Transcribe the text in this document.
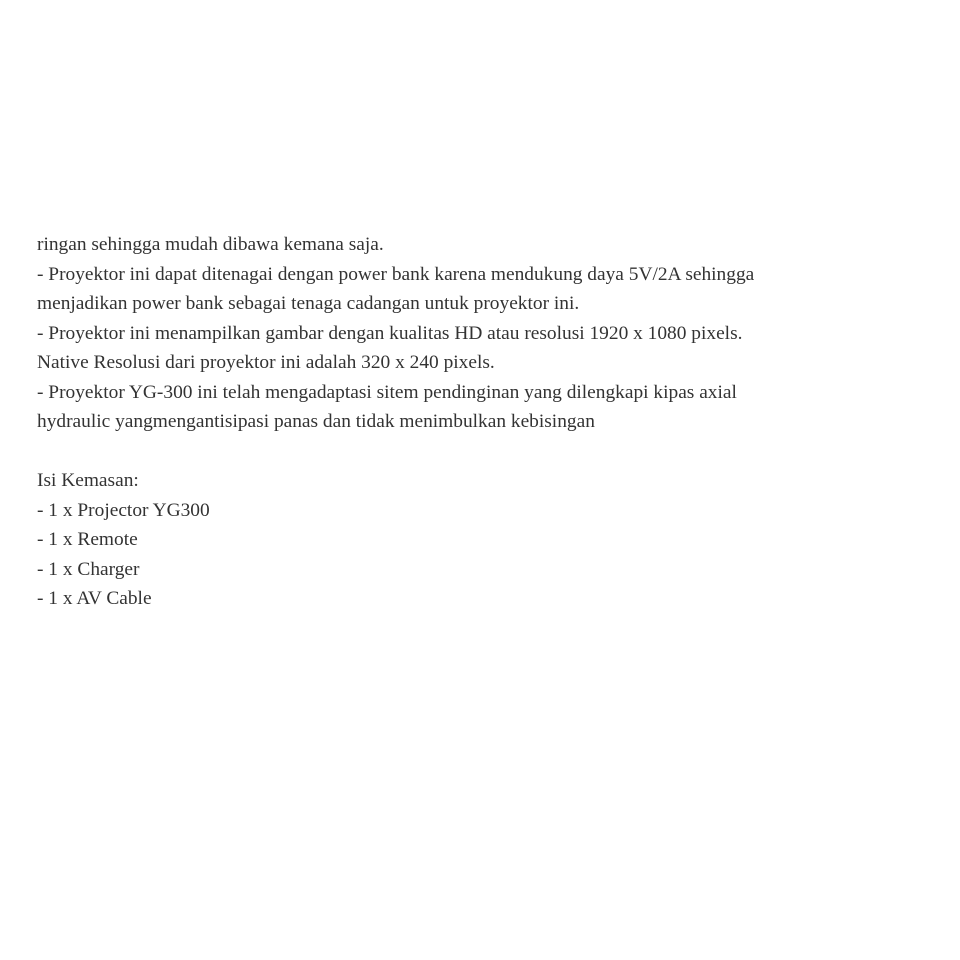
ringan sehingga mudah dibawa kemana saja.
- Proyektor ini dapat ditenagai dengan power bank karena mendukung daya 5V/2A sehingga
menjadikan power bank sebagai tenaga cadangan untuk proyektor ini.
- Proyektor ini menampilkan gambar dengan kualitas HD atau resolusi 1920 x 1080 pixels.
Native Resolusi dari proyektor ini adalah 320 x 240 pixels.
- Proyektor YG-300 ini telah mengadaptasi sitem pendinginan yang dilengkapi kipas axial
hydraulic yangmengantisipasi panas dan tidak menimbulkan kebisingan
Isi Kemasan:
- 1 x Projector YG300
- 1 x Remote
- 1 x Charger
- 1 x AV Cable
